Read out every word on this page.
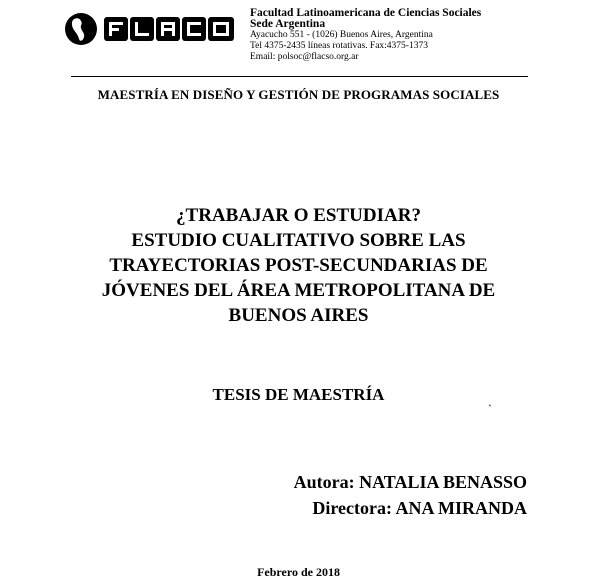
Facultad Latinoamericana de Ciencias Sociales
Sede Argentina
Ayacucho 551 - (1026) Buenos Aires, Argentina
Tel 4375-2435 líneas rotativas. Fax:4375-1373
Email: polsoc@flacso.org.ar
MAESTRÍA EN DISEÑO Y GESTIÓN DE PROGRAMAS SOCIALES
¿TRABAJAR O ESTUDIAR?
ESTUDIO CUALITATIVO SOBRE LAS
TRAYECTORIAS POST-SECUNDARIAS DE
JÓVENES DEL ÁREA METROPOLITANA DE
BUENOS AIRES
TESIS DE MAESTRÍA
`
Autora: NATALIA BENASSO
Directora: ANA MIRANDA
Febrero de 2018
